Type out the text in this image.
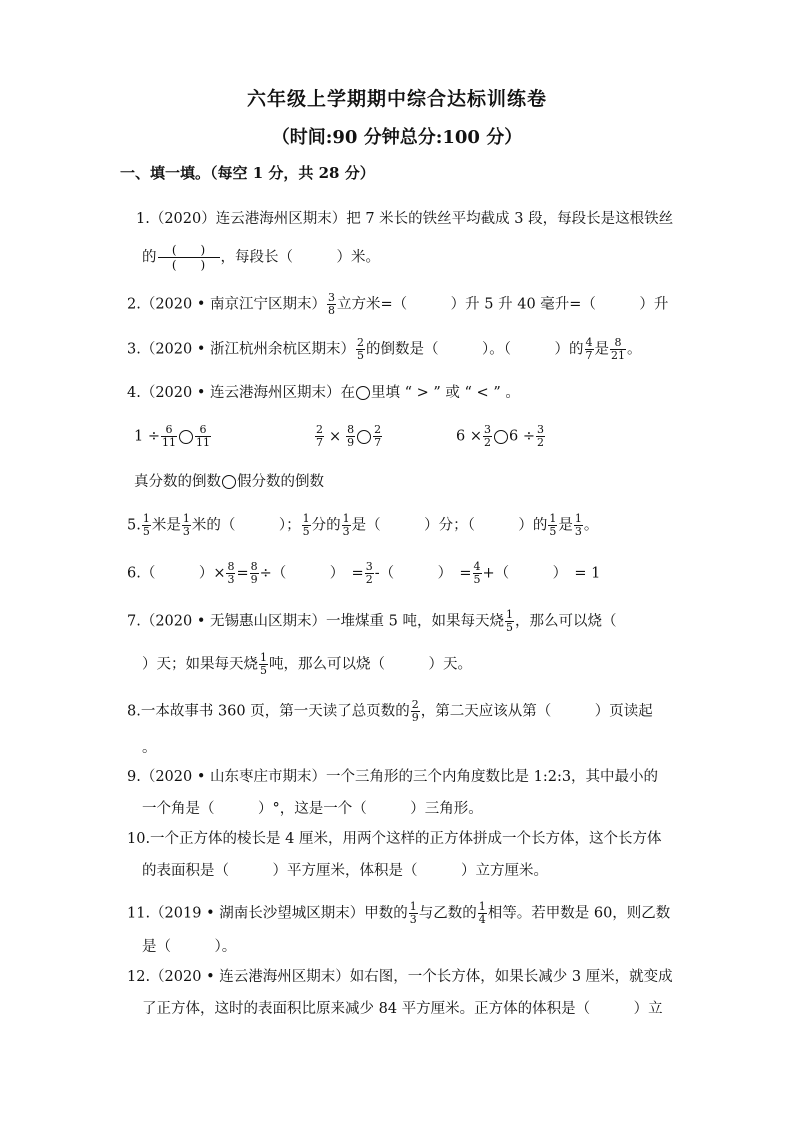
六年级上学期期中综合达标训练卷
（时间:90 分钟总分:100 分）
一、填一填。（每空 1 分，共 28 分）
1.（2020）连云港海州区期末）把 7 米长的铁丝平均截成 3 段，每段长是这根铁丝
的 $\frac{( )}{( )}$ ，每段长（　　　）米。
2.（2020 • 南京江宁区期末） $\frac{3}{8}$ 立方米=（　　　）升 5 升 40 毫升=（　　　）升
3.（2020 • 浙江杭州余杭区期末） $\frac{2}{5}$ 的倒数是（　　　）。（　　　）的 $\frac{4}{7}$ 是 $\frac{8}{21}$ 。
4.（2020 • 连云港海州区期末）在 里填 “ > ” 或 “ < ” 。
$1 \div \frac{6}{11} \frac{6}{11}$	$\frac{2}{7} \times \frac{8}{9} \frac{2}{7}$	$6 \times \frac{3}{2} 6 \div \frac{3}{2}$
真分数的倒数 假分数的倒数
5. $\frac{1}{5}$ 米是 $\frac{1}{3}$ 米的（　　　）； $\frac{1}{5}$ 分的 $\frac{1}{3}$ 是（　　　）分；（　　　）的 $\frac{1}{5}$ 是 $\frac{1}{3}$ 。
6.（　　　）× $\frac{8}{3} = \frac{8}{9}$ ÷（　　　）　= $\frac{3}{2}$ -（　　　）　= $\frac{4}{5}$ +（　　　）　= 1
7.（2020 • 无锡惠山区期末）一堆煤重 5 吨，如果每天烧 $\frac{1}{5}$ ，那么可以烧（
）天；如果每天烧 $\frac{1}{5}$ 吨，那么可以烧（　　　）天。
8.一本故事书 360 页，第一天读了总页数的 $\frac{2}{9}$ ，第二天应该从第（　　　）页读起
。
9.（2020 • 山东枣庄市期末）一个三角形的三个内角度数比是 1:2:3，其中最小的
一个角是（　　　）°，这是一个（　　　）三角形。
10.一个正方体的棱长是 4 厘米，用两个这样的正方体拼成一个长方体，这个长方体
的表面积是（　　　）平方厘米，体积是（　　　）立方厘米。
11.（2019 • 湖南长沙望城区期末）甲数的 $\frac{1}{3}$ 与乙数的 $\frac{1}{4}$ 相等。若甲数是 60，则乙数
是（　　　）。
12.（2020 • 连云港海州区期末）如右图，一个长方体，如果长减少 3 厘米，就变成
了正方体，这时的表面积比原来减少 84 平方厘米。正方体的体积是（　　　）立
